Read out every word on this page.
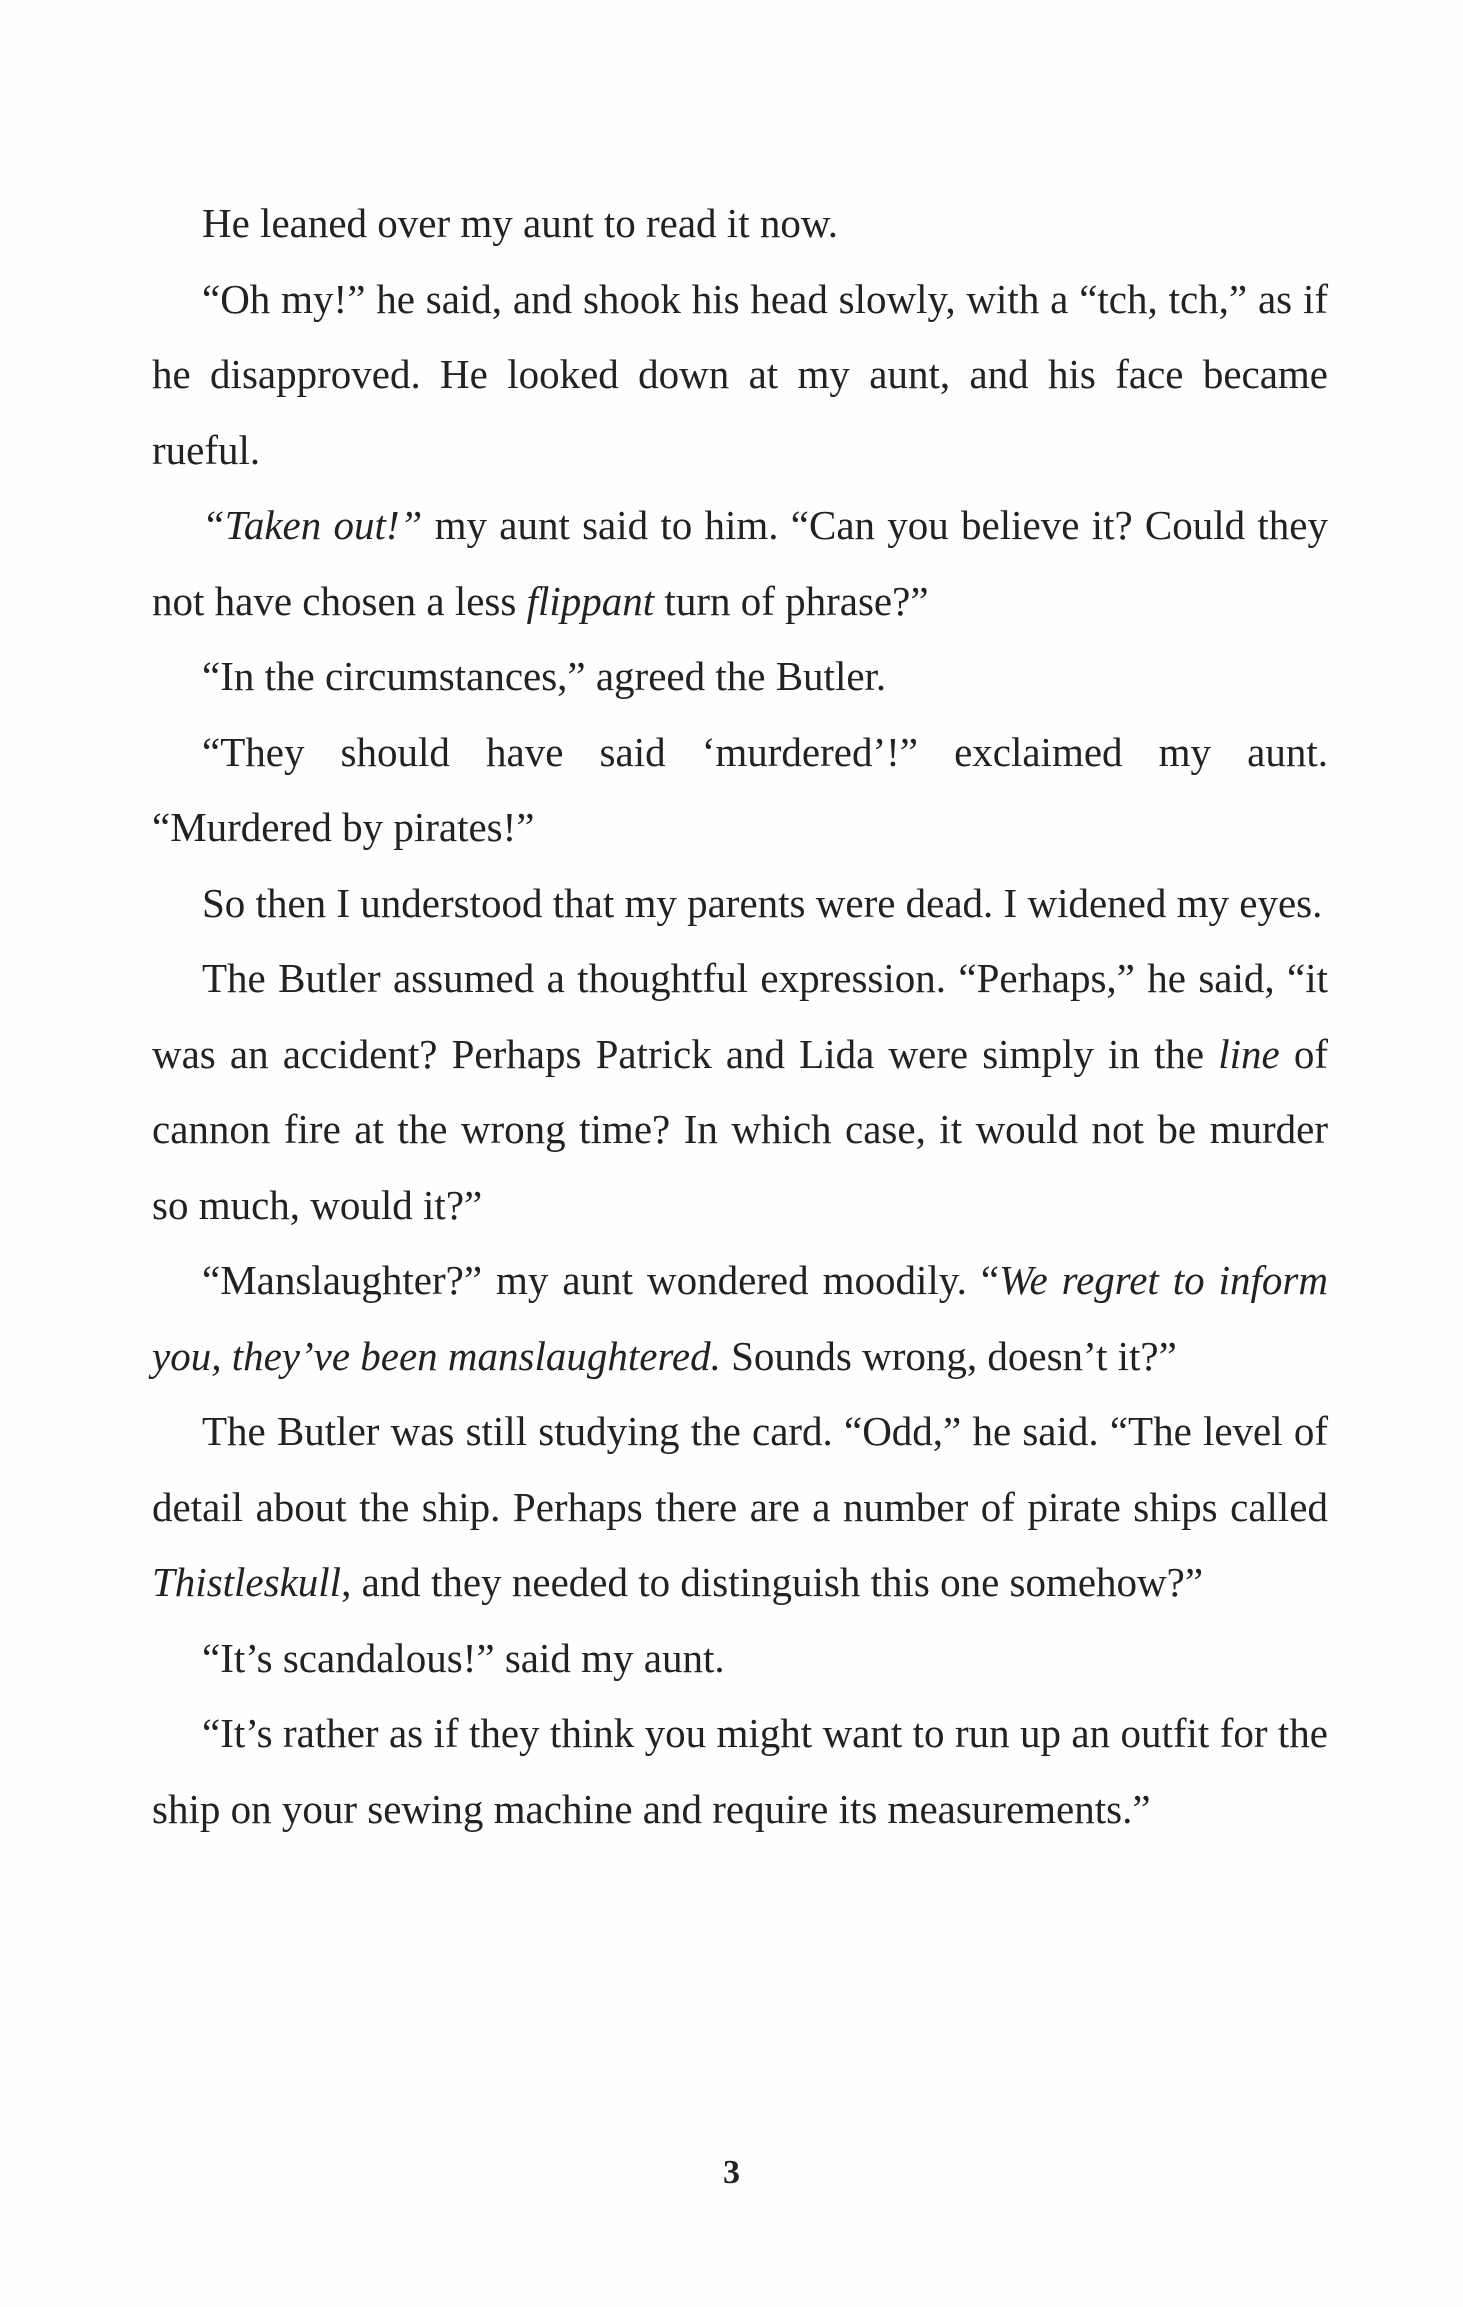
He leaned over my aunt to read it now.

“Oh my!” he said, and shook his head slowly, with a “tch, tch,” as if he disapproved. He looked down at my aunt, and his face became rueful.

“Taken out!” my aunt said to him. “Can you believe it? Could they not have chosen a less flippant turn of phrase?”

“In the circumstances,” agreed the Butler.

“They should have said ‘murdered’!” exclaimed my aunt. “Murdered by pirates!”

So then I understood that my parents were dead. I widened my eyes.

The Butler assumed a thoughtful expression. “Perhaps,” he said, “it was an accident? Perhaps Patrick and Lida were simply in the line of cannon fire at the wrong time? In which case, it would not be murder so much, would it?”

“Manslaughter?” my aunt wondered moodily. “We regret to inform you, they’ve been manslaughtered. Sounds wrong, doesn’t it?”

The Butler was still studying the card. “Odd,” he said. “The level of detail about the ship. Perhaps there are a number of pirate ships called Thistleskull, and they needed to distinguish this one somehow?”

“It’s scandalous!” said my aunt.

“It’s rather as if they think you might want to run up an outfit for the ship on your sewing machine and require its measurements.”

3
